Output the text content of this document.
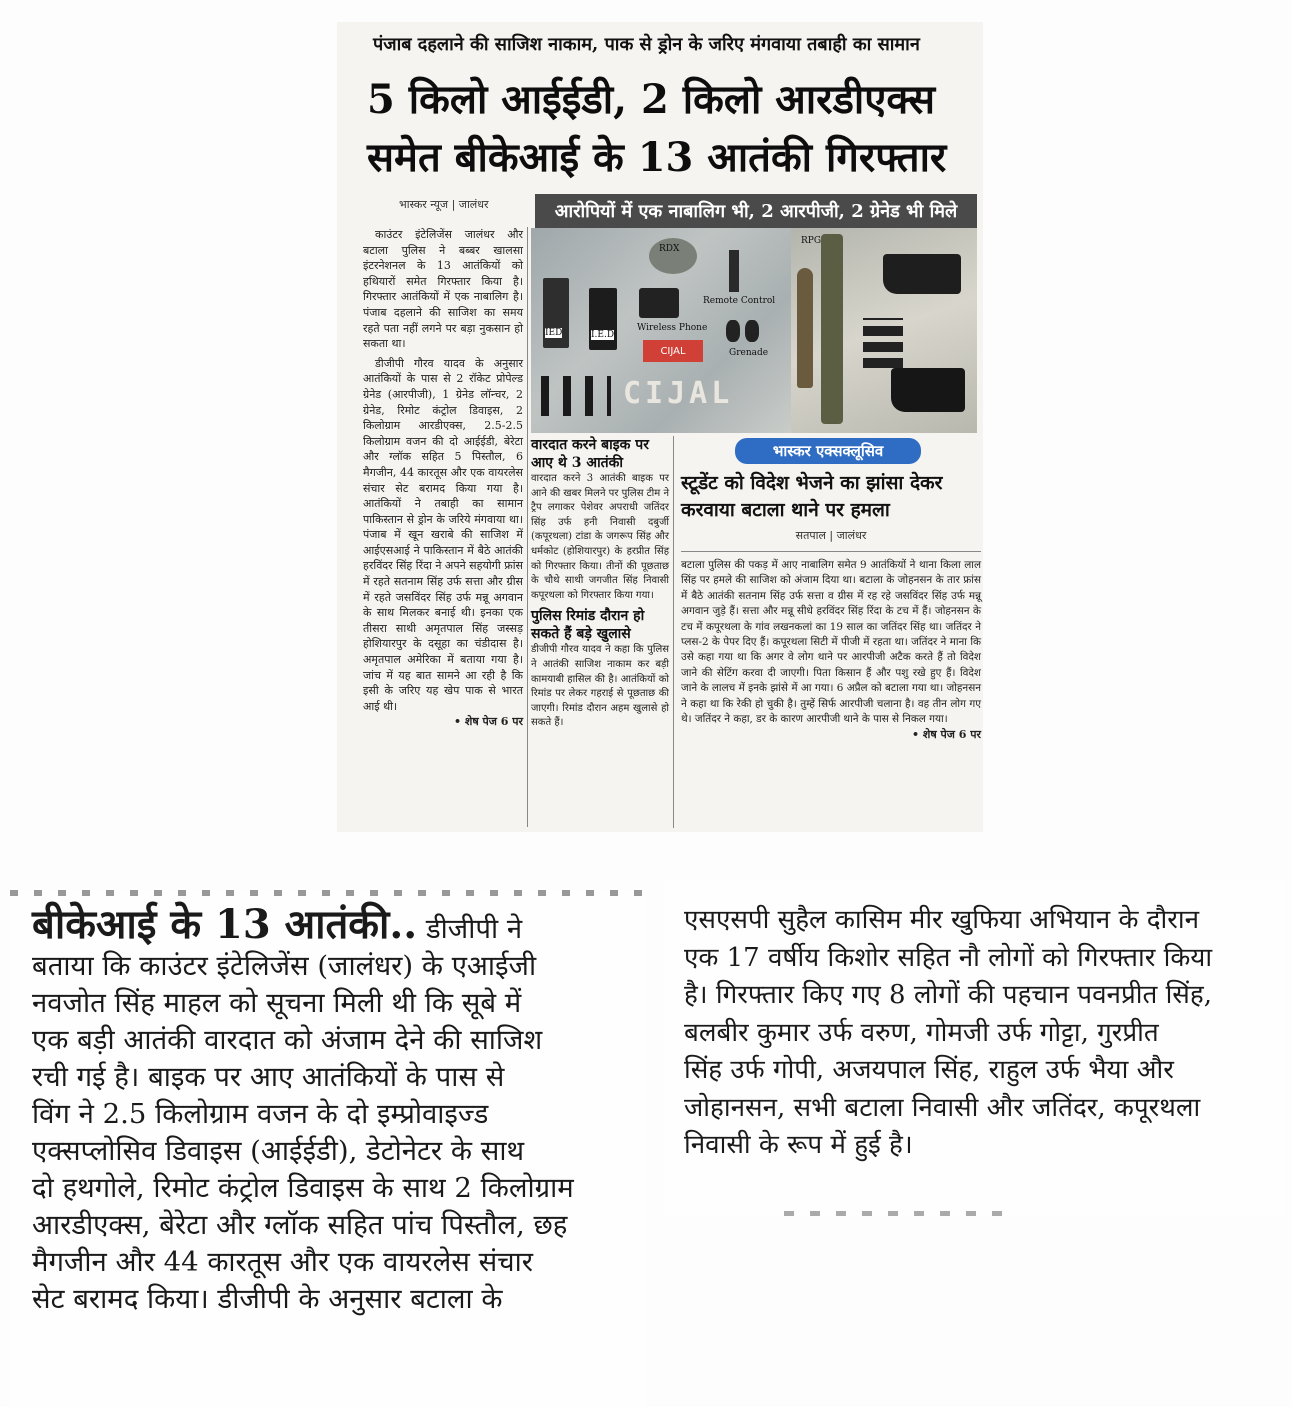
पंजाब दहलाने की साजिश नाकाम, पाक से ड्रोन के जरिए मंगवाया तबाही का सामान
5 किलो आईईडी, 2 किलो आरडीएक्स
समेत बीकेआई के 13 आतंकी गिरफ्तार
भास्कर न्यूज | जालंधर

काउंटर इंटेलिजेंस जालंधर और बटाला पुलिस ने बब्बर खालसा इंटरनेशनल के 13 आतंकियों को हथियारों समेत गिरफ्तार किया है। गिरफ्तार आतंकियों में एक नाबालिग है। पंजाब दहलाने की साजिश का समय रहते पता नहीं लगने पर बड़ा नुकसान हो सकता था।

डीजीपी गौरव यादव के अनुसार आतंकियों के पास से 2 रॉकेट प्रोपेल्ड ग्रेनेड (आरपीजी), 1 ग्रेनेड लॉन्चर, 2 ग्रेनेड, रिमोट कंट्रोल डिवाइस, 2 किलोग्राम आरडीएक्स, 2.5-2.5 किलोग्राम वजन की दो आईईडी, बेरेटा और ग्लॉक सहित 5 पिस्तौल, 6 मैगजीन, 44 कारतूस और एक वायरलेस संचार सेट बरामद किया गया है। आतंकियों ने तबाही का सामान पाकिस्तान से ड्रोन के जरिये मंगवाया था। पंजाब में खून खराबे की साजिश में आईएसआई ने पाकिस्तान में बैठे आतंकी हरविंदर सिंह रिंदा ने अपने सहयोगी फ्रांस में रहते सतनाम सिंह उर्फ सत्ता और ग्रीस में रहते जसविंदर सिंह उर्फ मन्नू अगवान के साथ मिलकर बनाई थी। इनका एक तीसरा साथी अमृतपाल सिंह जस्सड़ होशियारपुर के दसूहा का चंडीदास है। अमृतपाल अमेरिका में बताया गया है। जांच में यह बात सामने आ रही है कि इसी के जरिए यह खेप पाक से भारत आई थी।

• शेष पेज 6 पर

आरोपियों में एक नाबालिग भी, 2 आरपीजी, 2 ग्रेनेड भी मिले
IED	I.E.D
RDX
Wireless Phone
CIJAL
Remote Control
Grenade
CIJAL
RPG

वारदात करने बाइक पर आए थे 3 आतंकी

वारदात करने 3 आतंकी बाइक पर आने की खबर मिलने पर पुलिस टीम ने ट्रैप लगाकर पेशेवर अपराधी जतिंदर सिंह उर्फ हनी निवासी दबुर्जी (कपूरथला) टांडा के जगरूप सिंह और धर्मकोट (होशियारपुर) के हरप्रीत सिंह को गिरफ्तार किया। तीनों की पूछताछ के चौथे साथी जगजीत सिंह निवासी कपूरथला को गिरफ्तार किया गया।

पुलिस रिमांड दौरान हो सकते हैं बड़े खुलासे

डीजीपी गौरव यादव ने कहा कि पुलिस ने आतंकी साजिश नाकाम कर बड़ी कामयाबी हासिल की है। आतंकियों को रिमांड पर लेकर गहराई से पूछताछ की जाएगी। रिमांड दौरान अहम खुलासे हो सकते हैं।

भास्कर एक्सक्लूसिव

स्टूडेंट को विदेश भेजने का झांसा देकर करवाया बटाला थाने पर हमला

सतपाल | जालंधर

बटाला पुलिस की पकड़ में आए नाबालिग समेत 9 आतंकियों ने थाना किला लाल सिंह पर हमले की साजिश को अंजाम दिया था। बटाला के जोहनसन के तार फ्रांस में बैठे आतंकी सतनाम सिंह उर्फ सत्ता व ग्रीस में रह रहे जसविंदर सिंह उर्फ मन्नू अगवान जुड़े हैं। सत्ता और मन्नू सीधे हरविंदर सिंह रिंदा के टच में हैं। जोहनसन के टच में कपूरथला के गांव लखनकलां का 19 साल का जतिंदर सिंह था। जतिंदर ने प्लस-2 के पेपर दिए हैं। कपूरथला सिटी में पीजी में रहता था। जतिंदर ने माना कि उसे कहा गया था कि अगर वे लोग थाने पर आरपीजी अटैक करते हैं तो विदेश जाने की सेटिंग करवा दी जाएगी। पिता किसान हैं और पशु रखे हुए हैं। विदेश जाने के लालच में इनके झांसे में आ गया। 6 अप्रैल को बटाला गया था। जोहनसन ने कहा था कि रेकी हो चुकी है। तुम्हें सिर्फ आरपीजी चलाना है। वह तीन लोग गए थे। जतिंदर ने कहा, डर के कारण आरपीजी थाने के पास से निकल गया।

• शेष पेज 6 पर

बीकेआई के 13 आतंकी.. डीजीपी ने

बताया कि काउंटर इंटेलिजेंस (जालंधर) के एआईजी

नवजोत सिंह माहल को सूचना मिली थी कि सूबे में

एक बड़ी आतंकी वारदात को अंजाम देने की साजिश

रची गई है। बाइक पर आए आतंकियों के पास से

विंग ने 2.5 किलोग्राम वजन के दो इम्प्रोवाइज्ड

एक्सप्लोसिव डिवाइस (आईईडी), डेटोनेटर के साथ

दो हथगोले, रिमोट कंट्रोल डिवाइस के साथ 2 किलोग्राम

आरडीएक्स, बेरेटा और ग्लॉक सहित पांच पिस्तौल, छह

मैगजीन और 44 कारतूस और एक वायरलेस संचार

सेट बरामद किया। डीजीपी के अनुसार बटाला के

एसएसपी सुहैल कासिम मीर खुफिया अभियान के दौरान

एक 17 वर्षीय किशोर सहित नौ लोगों को गिरफ्तार किया

है। गिरफ्तार किए गए 8 लोगों की पहचान पवनप्रीत सिंह,

बलबीर कुमार उर्फ वरुण, गोमजी उर्फ गोट्टा, गुरप्रीत

सिंह उर्फ गोपी, अजयपाल सिंह, राहुल उर्फ भैया और

जोहानसन, सभी बटाला निवासी और जतिंदर, कपूरथला

निवासी के रूप में हुई है।
